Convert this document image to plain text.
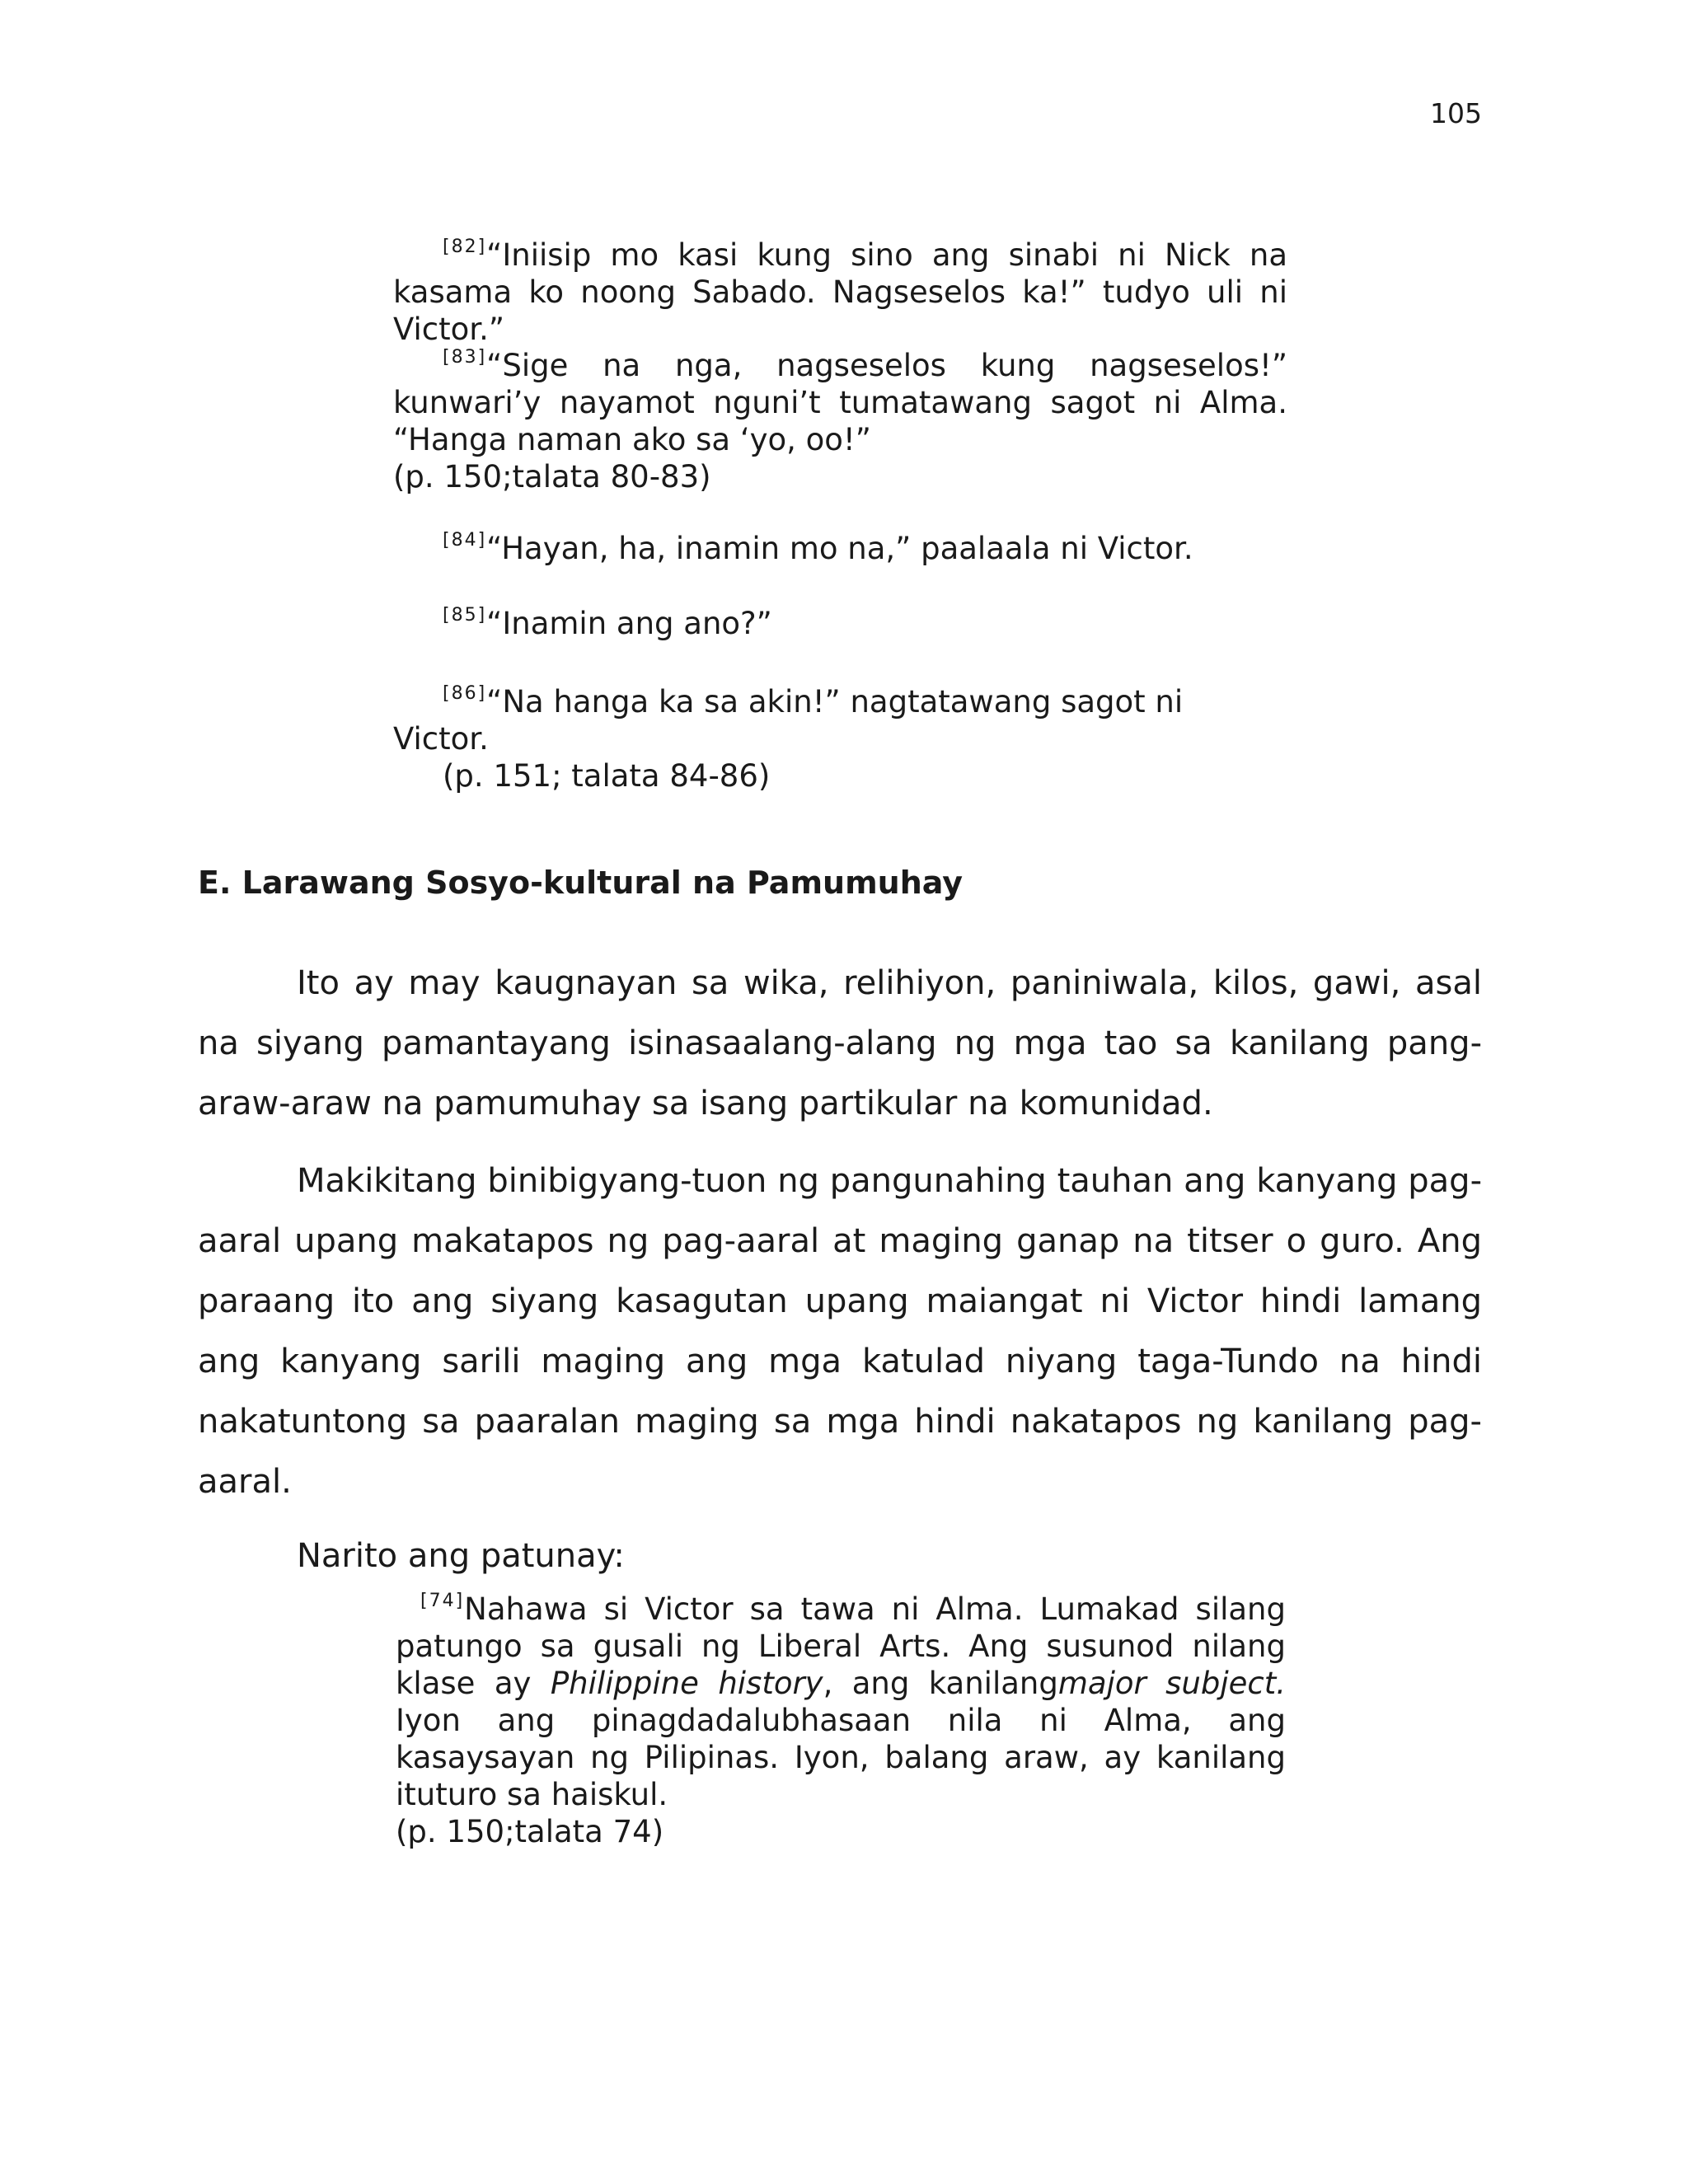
105

[82]“Iniisip mo kasi kung sino ang sinabi ni Nick na kasama ko noong Sabado. Nagseselos ka!” tudyo uli ni Victor.”

[83]“Sige na nga, nagseselos kung nagseselos!” kunwari’y nayamot nguni’t tumatawang sagot ni Alma. “Hanga naman ako sa ‘yo, oo!”

(p. 150;talata 80-83)

[84]“Hayan, ha, inamin mo na,” paalaala ni Victor.

[85]“Inamin ang ano?”

[86]“Na hanga ka sa akin!” nagtatawang sagot ni Victor.

(p. 151; talata 84-86)

E. Larawang Sosyo-kultural na Pamumuhay

Ito ay may kaugnayan sa wika, relihiyon, paniniwala, kilos, gawi, asal na siyang pamantayang isinasaalang-alang ng mga tao sa kanilang pang-araw-araw na pamumuhay sa isang partikular na komunidad.

Makikitang binibigyang-tuon ng pangunahing tauhan ang kanyang pag-aaral upang makatapos ng pag-aaral at maging ganap na titser o guro. Ang paraang ito ang siyang kasagutan upang maiangat ni Victor hindi lamang ang kanyang sarili maging ang mga katulad niyang taga-Tundo na hindi nakatuntong sa paaralan maging sa mga hindi nakatapos ng kanilang pag-aaral.

Narito ang patunay:

[74]Nahawa si Victor sa tawa ni Alma. Lumakad silang patungo sa gusali ng Liberal Arts. Ang susunod nilang klase ay Philippine history, ang kanilangmajor subject. Iyon ang pinagdadalubhasaan nila ni Alma, ang kasaysayan ng Pilipinas. Iyon, balang araw, ay kanilang ituturo sa haiskul.

(p. 150;talata 74)
